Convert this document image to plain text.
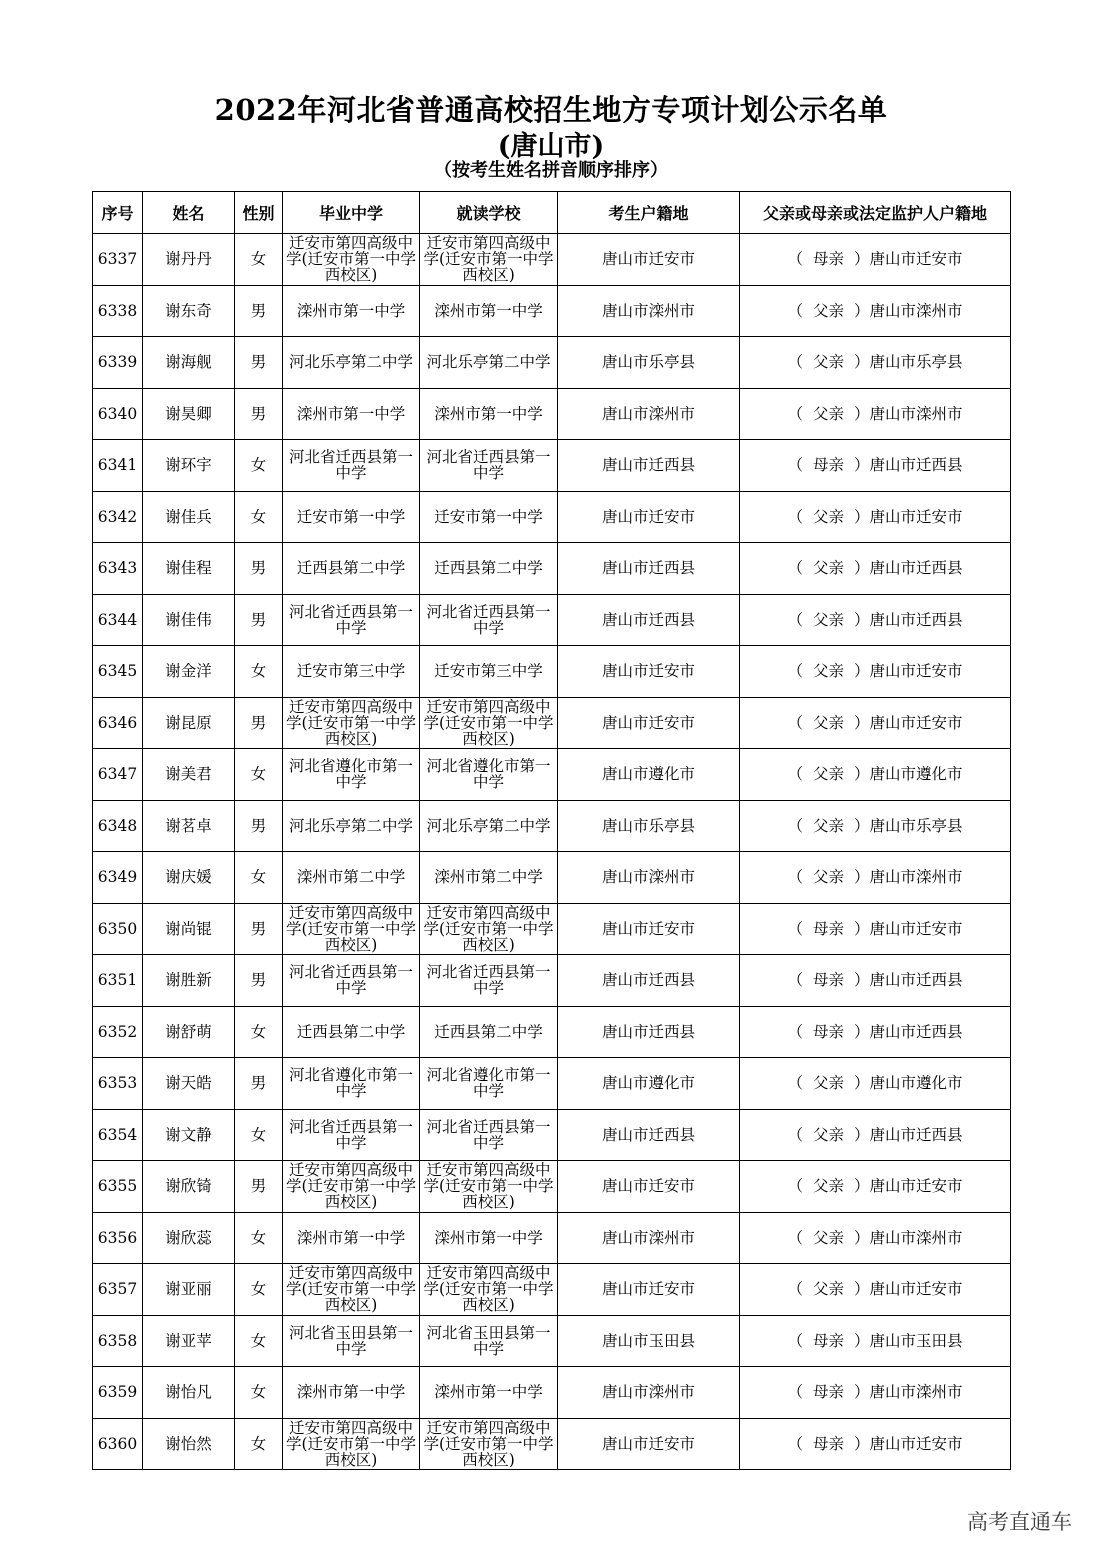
2022年河北省普通高校招生地方专项计划公示名单
(唐山市)
（按考生姓名拼音顺序排序）
序号	姓名	性别	毕业中学	就读学校	考生户籍地	父亲或母亲或法定监护人户籍地
6337	谢丹丹	女	迁安市第四高级中学(迁安市第一中学西校区)	迁安市第四高级中学(迁安市第一中学西校区)	唐山市迁安市	（ 母亲 ）唐山市迁安市
6338	谢东奇	男	滦州市第一中学	滦州市第一中学	唐山市滦州市	（ 父亲 ）唐山市滦州市
6339	谢海舰	男	河北乐亭第二中学	河北乐亭第二中学	唐山市乐亭县	（ 父亲 ）唐山市乐亭县
6340	谢昊卿	男	滦州市第一中学	滦州市第一中学	唐山市滦州市	（ 父亲 ）唐山市滦州市
6341	谢环宇	女	河北省迁西县第一中学	河北省迁西县第一中学	唐山市迁西县	（ 母亲 ）唐山市迁西县
6342	谢佳兵	女	迁安市第一中学	迁安市第一中学	唐山市迁安市	（ 父亲 ）唐山市迁安市
6343	谢佳程	男	迁西县第二中学	迁西县第二中学	唐山市迁西县	（ 父亲 ）唐山市迁西县
6344	谢佳伟	男	河北省迁西县第一中学	河北省迁西县第一中学	唐山市迁西县	（ 父亲 ）唐山市迁西县
6345	谢金洋	女	迁安市第三中学	迁安市第三中学	唐山市迁安市	（ 父亲 ）唐山市迁安市
6346	谢昆原	男	迁安市第四高级中学(迁安市第一中学西校区)	迁安市第四高级中学(迁安市第一中学西校区)	唐山市迁安市	（ 父亲 ）唐山市迁安市
6347	谢美君	女	河北省遵化市第一中学	河北省遵化市第一中学	唐山市遵化市	（ 父亲 ）唐山市遵化市
6348	谢茗卓	男	河北乐亭第二中学	河北乐亭第二中学	唐山市乐亭县	（ 父亲 ）唐山市乐亭县
6349	谢庆媛	女	滦州市第二中学	滦州市第二中学	唐山市滦州市	（ 父亲 ）唐山市滦州市
6350	谢尚锟	男	迁安市第四高级中学(迁安市第一中学西校区)	迁安市第四高级中学(迁安市第一中学西校区)	唐山市迁安市	（ 母亲 ）唐山市迁安市
6351	谢胜新	男	河北省迁西县第一中学	河北省迁西县第一中学	唐山市迁西县	（ 母亲 ）唐山市迁西县
6352	谢舒萌	女	迁西县第二中学	迁西县第二中学	唐山市迁西县	（ 母亲 ）唐山市迁西县
6353	谢天皓	男	河北省遵化市第一中学	河北省遵化市第一中学	唐山市遵化市	（ 父亲 ）唐山市遵化市
6354	谢文静	女	河北省迁西县第一中学	河北省迁西县第一中学	唐山市迁西县	（ 父亲 ）唐山市迁西县
6355	谢欣锜	男	迁安市第四高级中学(迁安市第一中学西校区)	迁安市第四高级中学(迁安市第一中学西校区)	唐山市迁安市	（ 父亲 ）唐山市迁安市
6356	谢欣蕊	女	滦州市第一中学	滦州市第一中学	唐山市滦州市	（ 父亲 ）唐山市滦州市
6357	谢亚丽	女	迁安市第四高级中学(迁安市第一中学西校区)	迁安市第四高级中学(迁安市第一中学西校区)	唐山市迁安市	（ 父亲 ）唐山市迁安市
6358	谢亚苹	女	河北省玉田县第一中学	河北省玉田县第一中学	唐山市玉田县	（ 母亲 ）唐山市玉田县
6359	谢怡凡	女	滦州市第一中学	滦州市第一中学	唐山市滦州市	（ 母亲 ）唐山市滦州市
6360	谢怡然	女	迁安市第四高级中学(迁安市第一中学西校区)	迁安市第四高级中学(迁安市第一中学西校区)	唐山市迁安市	（ 母亲 ）唐山市迁安市
高考直通车
